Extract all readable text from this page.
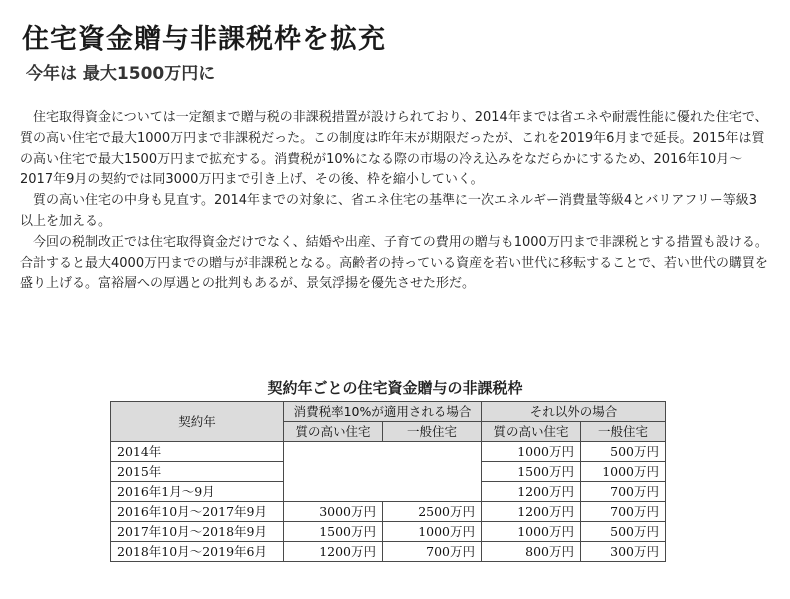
住宅資金贈与非課税枠を拡充
今年は 最大1500万円に

住宅取得資金については一定額まで贈与税の非課税措置が設けられており、2014年までは省エネや耐震性能に優れた住宅で、質の高い住宅で最大1000万円まで非課税だった。この制度は昨年末が期限だったが、これを2019年6月まで延長。2015年は質の高い住宅で最大1500万円まで拡充する。消費税が10%になる際の市場の冷え込みをなだらかにするため、2016年10月～2017年9月の契約では同3000万円まで引き上げ、その後、枠を縮小していく。

質の高い住宅の中身も見直す。2014年までの対象に、省エネ住宅の基準に一次エネルギー消費量等級4とバリアフリー等級3以上を加える。

今回の税制改正では住宅取得資金だけでなく、結婚や出産、子育ての費用の贈与も1000万円まで非課税とする措置も設ける。合計すると最大4000万円までの贈与が非課税となる。高齢者の持っている資産を若い世代に移転することで、若い世代の購買を盛り上げる。富裕層への厚遇との批判もあるが、景気浮揚を優先させた形だ。

契約年ごとの住宅資金贈与の非課税枠
契約年	消費税率10%が適用される場合		それ以外の場合	
	質の高い住宅	一般住宅	質の高い住宅	一般住宅
2014年			1000万円	500万円
2015年			1500万円	1000万円
2016年1月～9月			1200万円	700万円
2016年10月～2017年9月	3000万円	2500万円	1200万円	700万円
2017年10月～2018年9月	1500万円	1000万円	1000万円	500万円
2018年10月～2019年6月	1200万円	700万円	800万円	300万円
